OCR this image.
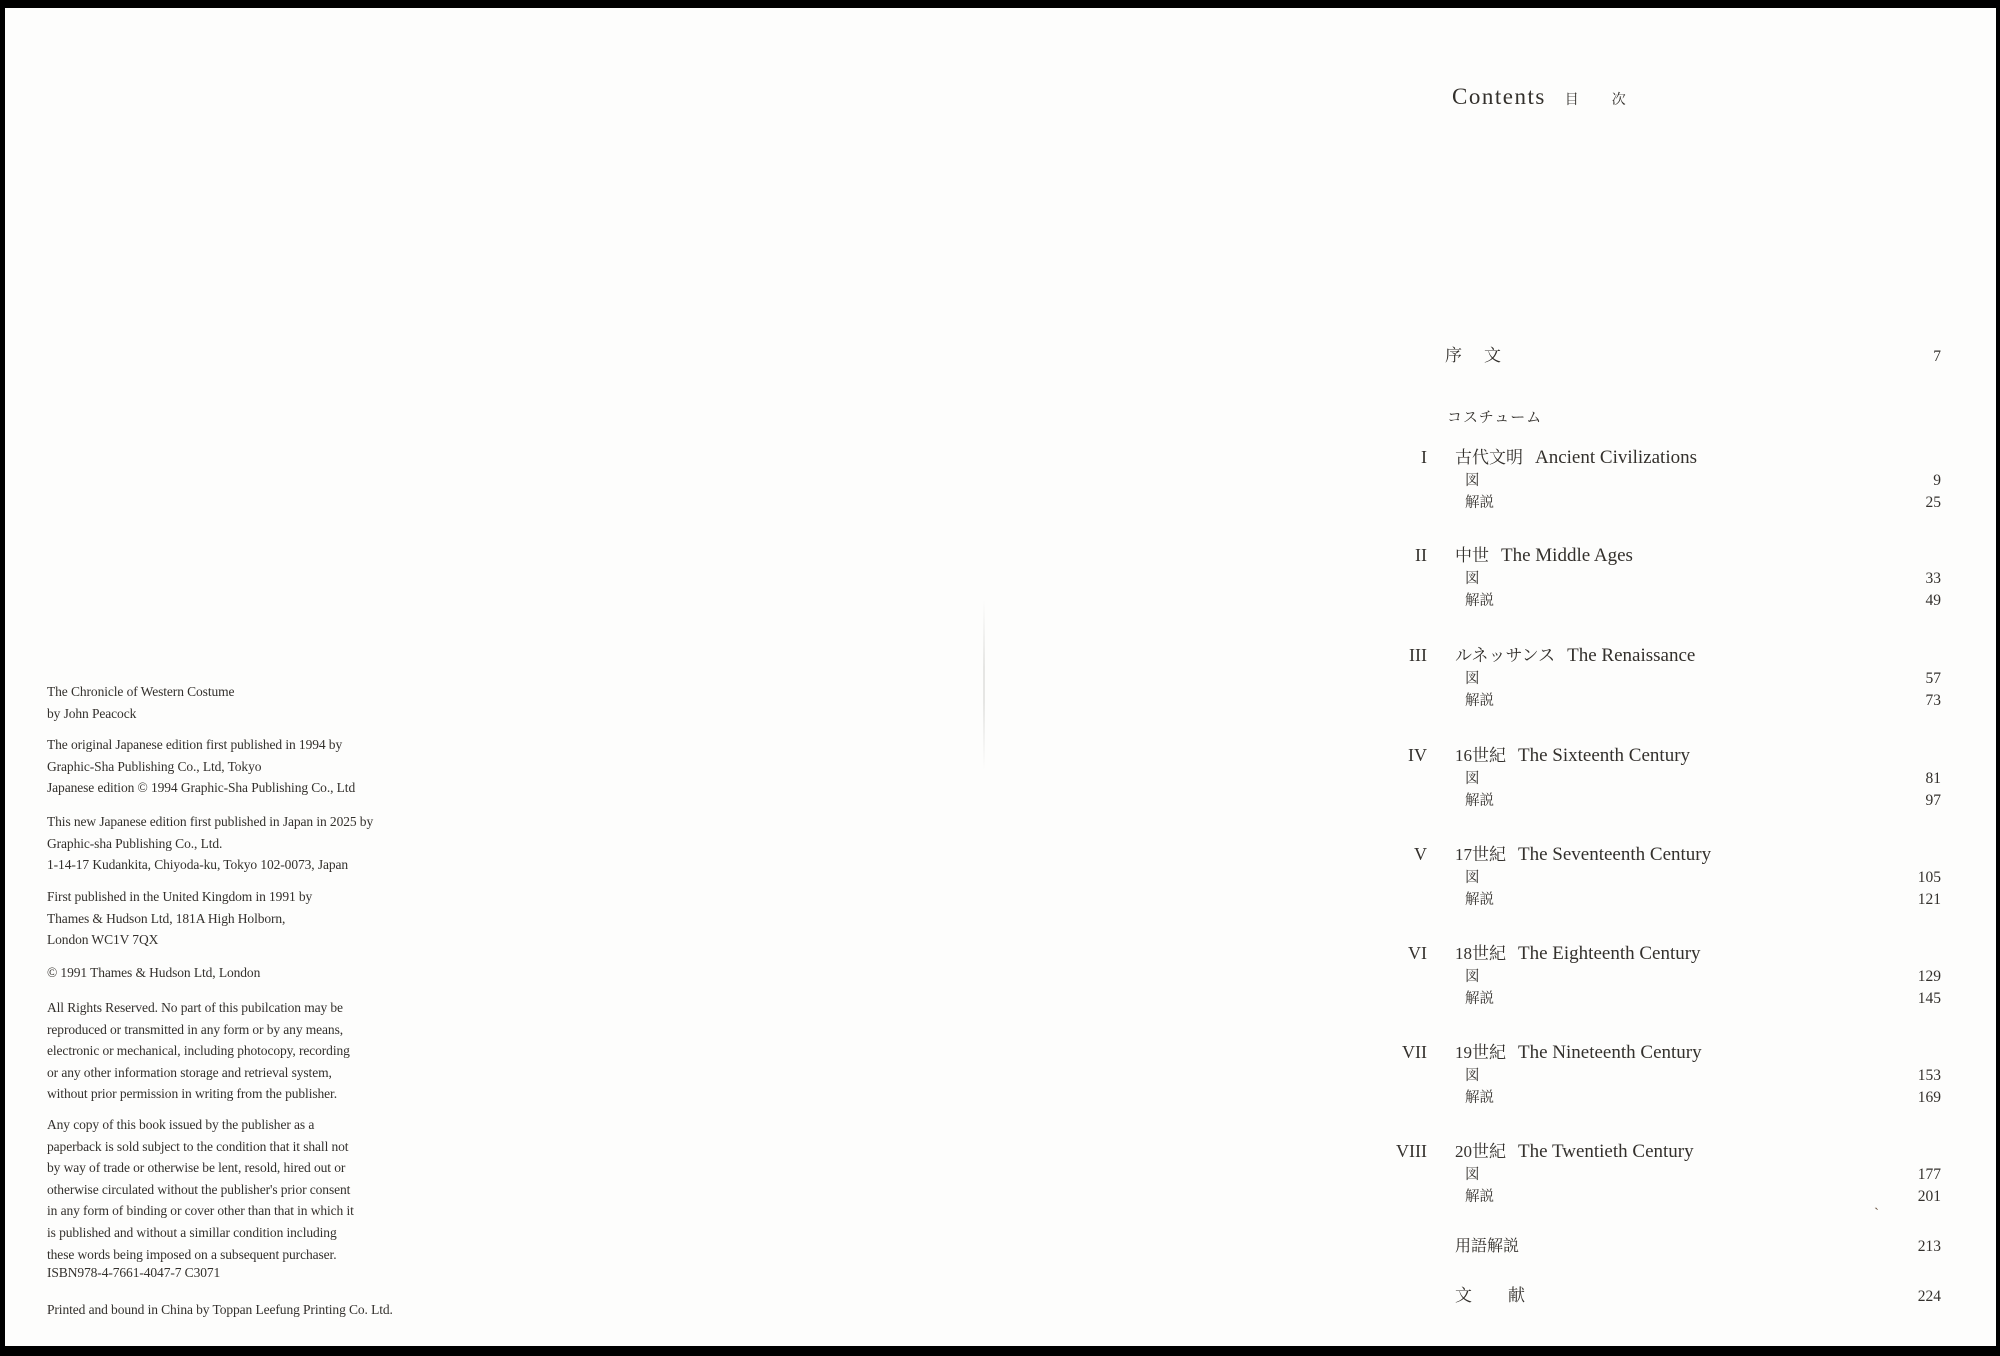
The Chronicle of Western Costume
by John Peacock

The original Japanese edition first published in 1994 by
Graphic-Sha Publishing Co., Ltd, Tokyo
Japanese edition © 1994 Graphic-Sha Publishing Co., Ltd

This new Japanese edition first published in Japan in 2025 by
Graphic-sha Publishing Co., Ltd.
1-14-17 Kudankita, Chiyoda-ku, Tokyo 102-0073, Japan

First published in the United Kingdom in 1991 by
Thames & Hudson Ltd, 181A High Holborn,
London WC1V 7QX

© 1991 Thames & Hudson Ltd, London

All Rights Reserved. No part of this pubilcation may be
reproduced or transmitted in any form or by any means,
electronic or mechanical, including photocopy, recording
or any other information storage and retrieval system,
without prior permission in writing from the publisher.

Any copy of this book issued by the publisher as a
paperback is sold subject to the condition that it shall not
by way of trade or otherwise be lent, resold, hired out or
otherwise circulated without the publisher's prior consent
in any form of binding or cover other than that in which it
is published and without a simillar condition including
these words being imposed on a subsequent purchaser.

ISBN978-4-7661-4047-7 C3071

Printed and bound in China by Toppan Leefung Printing Co. Ltd.

Contents 目 次
序 文	7
コスチューム
I 古代文明 Ancient Civilizations
図	9
解説	25
II 中世 The Middle Ages
図	33
解説	49
III ルネッサンス The Renaissance
図	57
解説	73
IV 16世紀 The Sixteenth Century
図	81
解説	97
V 17世紀 The Seventeenth Century
図	105
解説	121
VI 18世紀 The Eighteenth Century
図	129
解説	145
VII 19世紀 The Nineteenth Century
図	153
解説	169
VIII 20世紀 The Twentieth Century
図	177
解説	201
`
用語解説	213
文 献	224
